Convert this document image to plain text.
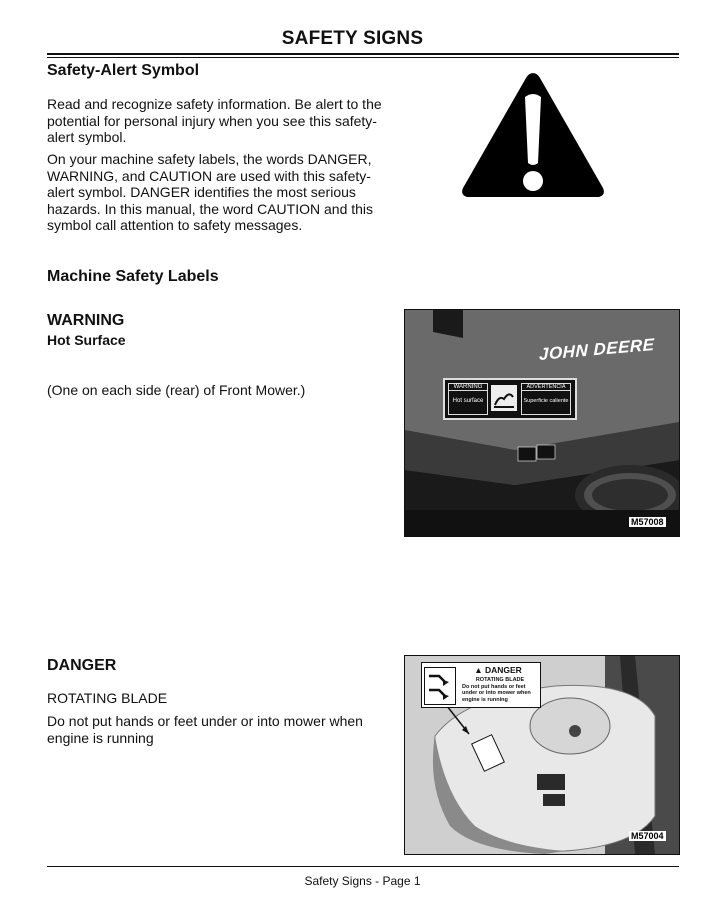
SAFETY SIGNS
Safety-Alert Symbol
Read and recognize safety information. Be alert to the
potential for personal injury when you see this safety-
alert symbol.
On your machine safety labels, the words DANGER,
WARNING, and CAUTION are used with this safety-
alert symbol. DANGER identifies the most serious
hazards. In this manual, the word CAUTION and this
symbol call attention to safety messages.
Machine Safety Labels
WARNING
Hot Surface
(One on each side (rear) of Front Mower.)
JOHN DEERE
WARNING
Hot surface
ADVERTENCIA
Superficie caliente
M57008
DANGER
ROTATING BLADE
Do not put hands or feet under or into mower when
engine is running
▲ DANGER
ROTATING BLADE
Do not put hands or feet
under or into mower when
engine is running
M57004
Safety Signs - Page 1
